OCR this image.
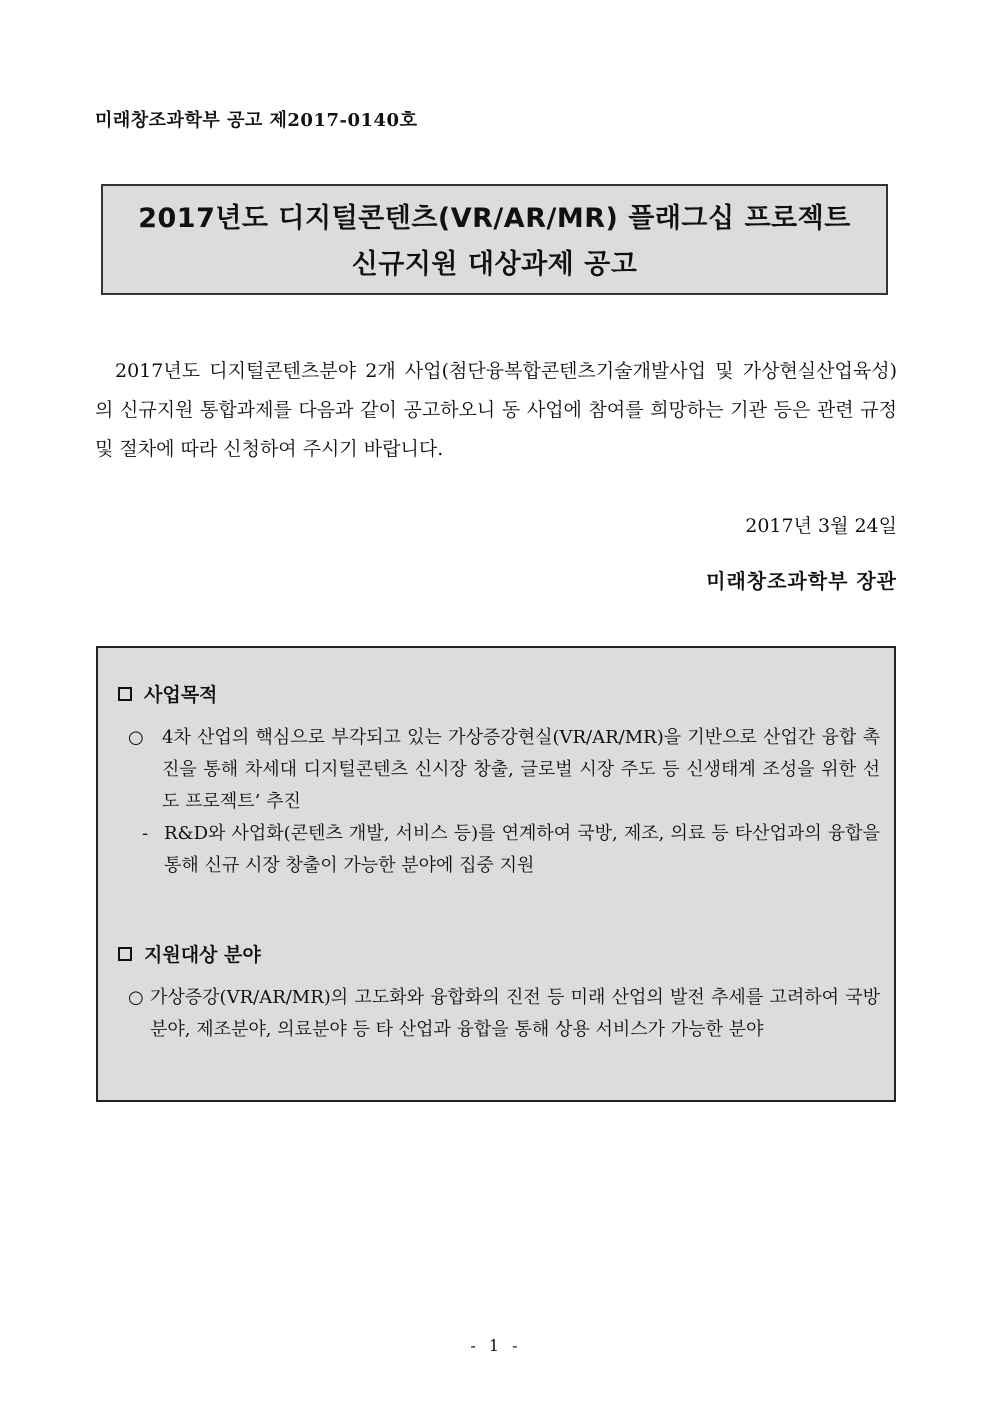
미래창조과학부 공고 제2017-0140호
2017년도 디지털콘텐츠(VR/AR/MR) 플래그십 프로젝트
신규지원 대상과제 공고

2017년도 디지털콘텐츠분야 2개 사업(첨단융복합콘텐츠기술개발사업 및 가상현실산업육성)의 신규지원 통합과제를 다음과 같이 공고하오니 동 사업에 참여를 희망하는 기관 등은 관련 규정 및 절차에 따라 신청하여 주시기 바랍니다.

2017년 3월 24일
미래창조과학부 장관
사업목적
○	4차 산업의 핵심으로 부각되고 있는 가상증강현실(VR/AR/MR)을 기반으로 산업간 융합 촉진을 통해 차세대 디지털콘텐츠 신시장 창출, 글로벌 시장 주도 등 신생태계 조성을 위한 선도 프로젝트’ 추진
- R&D와 사업화(콘텐츠 개발, 서비스 등)를 연계하여 국방, 제조, 의료 등 타산업과의 융합을 통해 신규 시장 창출이 가능한 분야에 집중 지원
지원대상 분야
○ 가상증강(VR/AR/MR)의 고도화와 융합화의 진전 등 미래 산업의 발전 추세를 고려하여 국방분야, 제조분야, 의료분야 등 타 산업과 융합을 통해 상용 서비스가 가능한 분야
- 1 -
